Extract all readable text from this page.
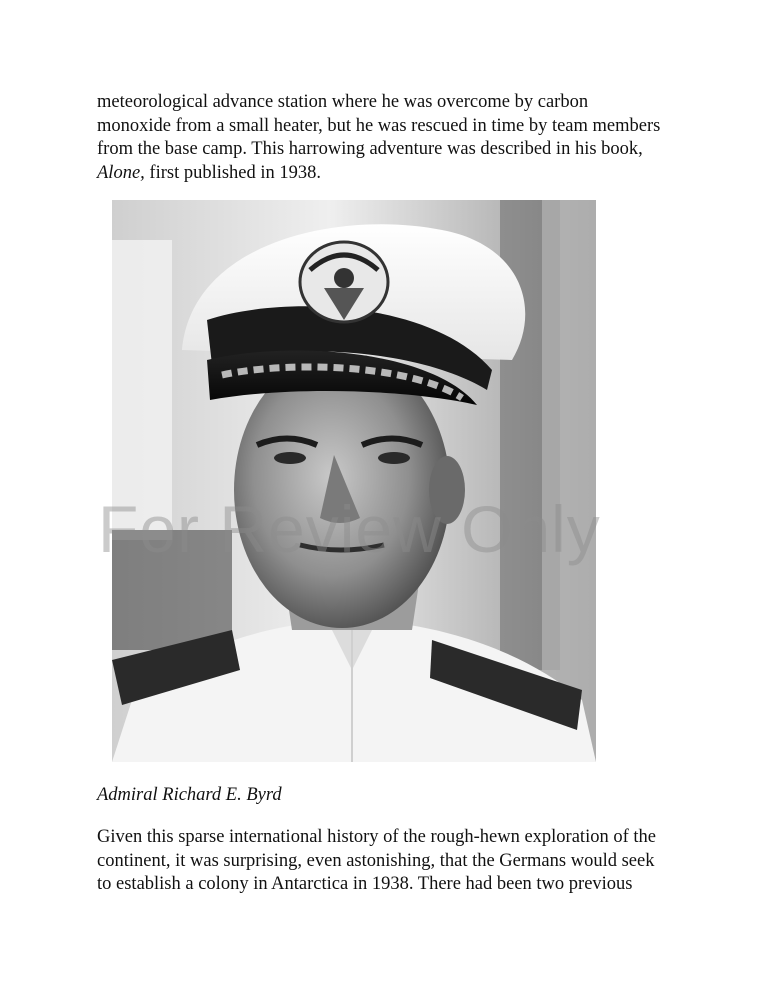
meteorological advance station where he was overcome by carbon
monoxide from a small heater, but he was rescued in time by team members
from the base camp. This harrowing adventure was described in his book,
Alone, first published in 1938.

For Review Only
Admiral Richard E. Byrd

Given this sparse international history of the rough-hewn exploration of the
continent, it was surprising, even astonishing, that the Germans would seek
to establish a colony in Antarctica in 1938. There had been two previous
